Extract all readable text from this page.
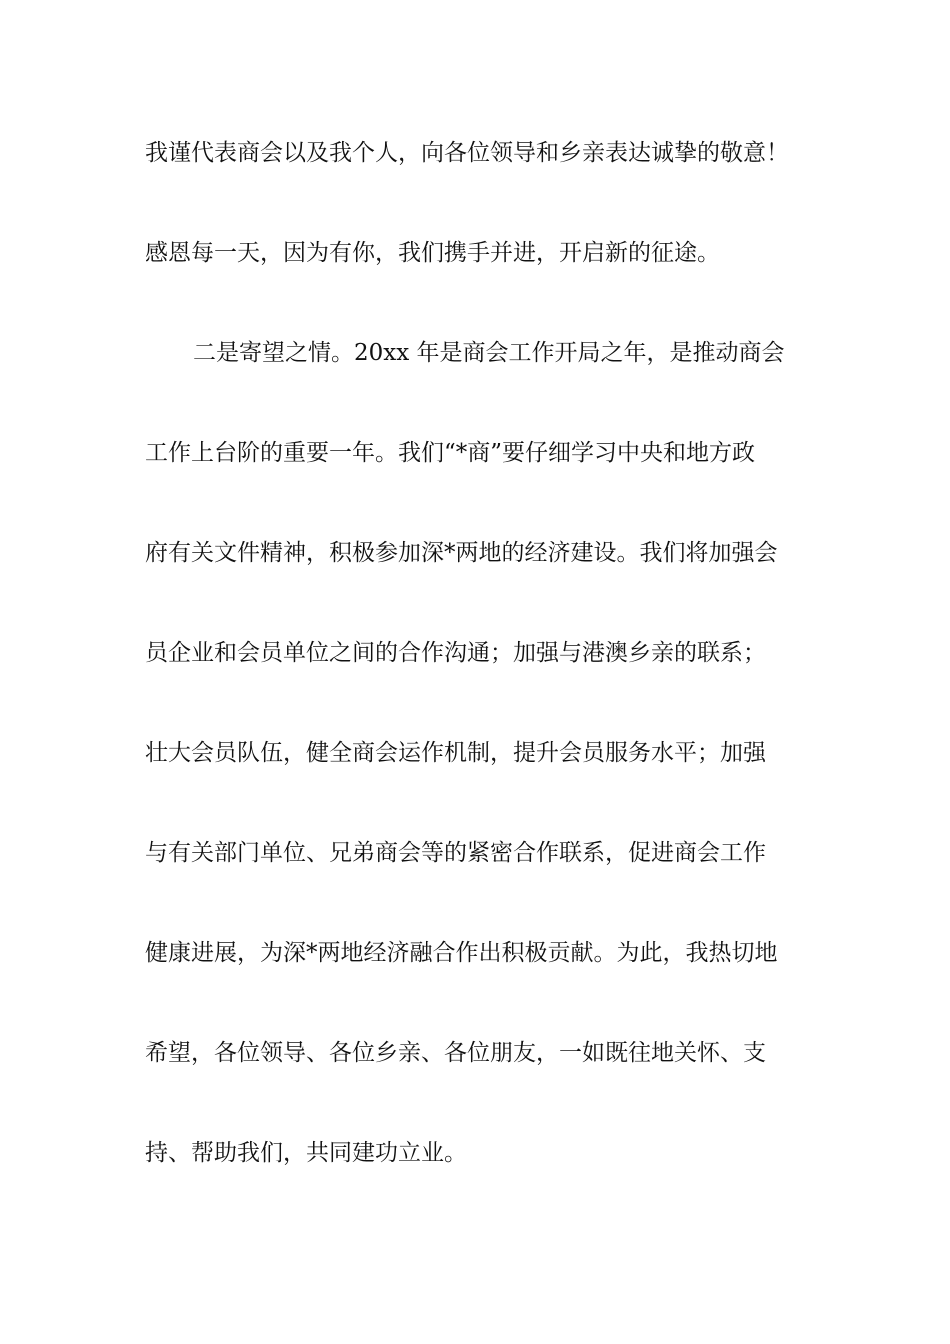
我谨代表商会以及我个人，向各位领导和乡亲表达诚挚的敬意！
感恩每一天，因为有你，我们携手并进，开启新的征途。
二是寄望之情。20xx 年是商会工作开局之年，是推动商会
工作上台阶的重要一年。我们“*商”要仔细学习中央和地方政
府有关文件精神，积极参加深*两地的经济建设。我们将加强会
员企业和会员单位之间的合作沟通；加强与港澳乡亲的联系；
壮大会员队伍，健全商会运作机制，提升会员服务水平；加强
与有关部门单位、兄弟商会等的紧密合作联系，促进商会工作
健康进展，为深*两地经济融合作出积极贡献。为此，我热切地
希望，各位领导、各位乡亲、各位朋友，一如既往地关怀、支
持、帮助我们，共同建功立业。
